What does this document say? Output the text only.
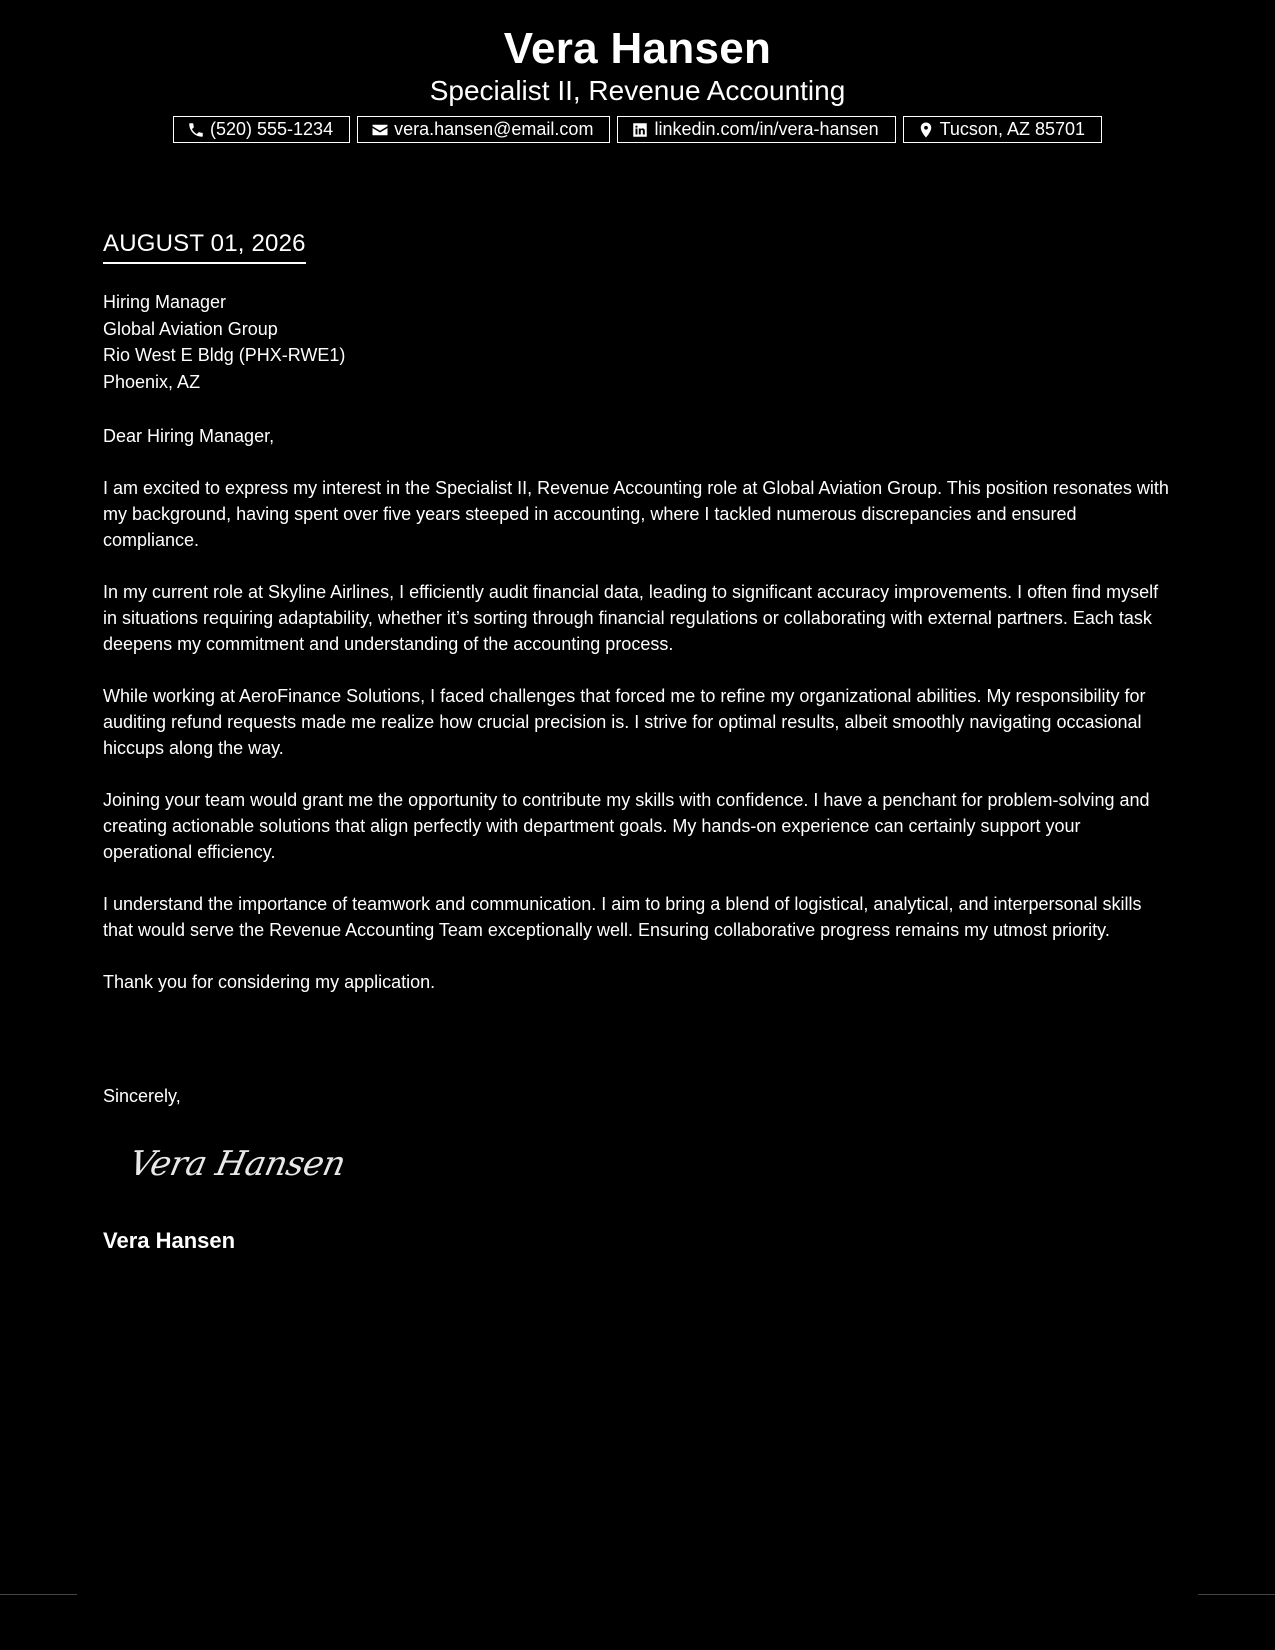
Vera Hansen
Specialist II, Revenue Accounting
(520) 555-1234	vera.hansen@email.com	linkedin.com/in/vera-hansen	Tucson, AZ 85701
AUGUST 01, 2026
Hiring Manager
Global Aviation Group
Rio West E Bldg (PHX-RWE1)
Phoenix, AZ

Dear Hiring Manager,

I am excited to express my interest in the Specialist II, Revenue Accounting role at Global Aviation Group. This position resonates with my background, having spent over five years steeped in accounting, where I tackled numerous discrepancies and ensured compliance.

In my current role at Skyline Airlines, I efficiently audit financial data, leading to significant accuracy improvements. I often find myself in situations requiring adaptability, whether it’s sorting through financial regulations or collaborating with external partners. Each task deepens my commitment and understanding of the accounting process.

While working at AeroFinance Solutions, I faced challenges that forced me to refine my organizational abilities. My responsibility for auditing refund requests made me realize how crucial precision is. I strive for optimal results, albeit smoothly navigating occasional hiccups along the way.

Joining your team would grant me the opportunity to contribute my skills with confidence. I have a penchant for problem-solving and creating actionable solutions that align perfectly with department goals. My hands-on experience can certainly support your operational efficiency.

I understand the importance of teamwork and communication. I aim to bring a blend of logistical, analytical, and interpersonal skills that would serve the Revenue Accounting Team exceptionally well. Ensuring collaborative progress remains my utmost priority.

Thank you for considering my application.

Sincerely,
Vera Hansen
Vera Hansen
